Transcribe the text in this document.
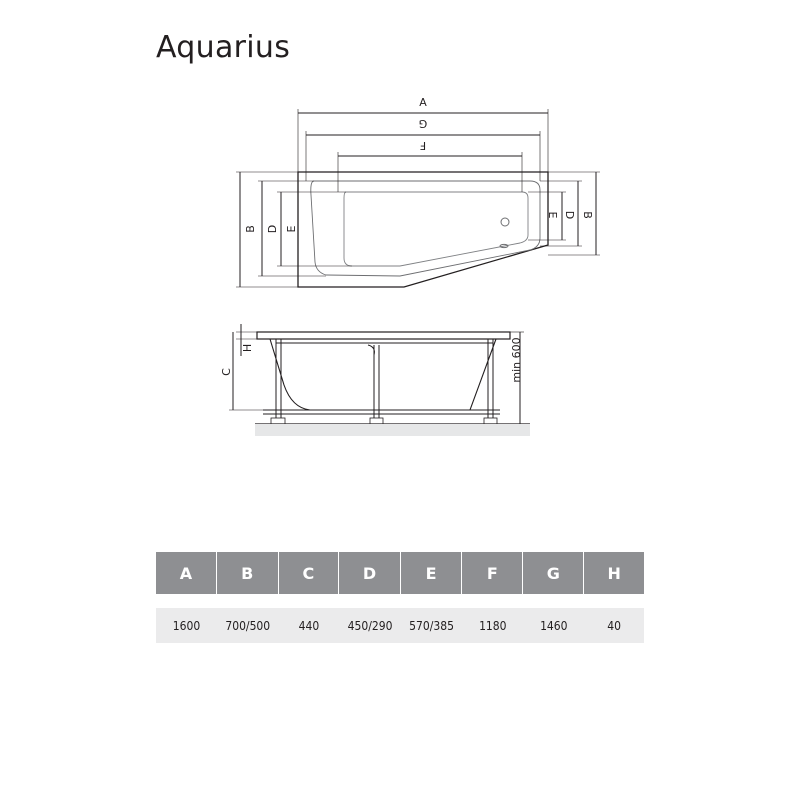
Aquarius
A
G
F
B D E
E D B
H
C	min 600
A	B	C	D	E	F	G	H

1600	700/500	440	450/290	570/385	1180	1460	40
